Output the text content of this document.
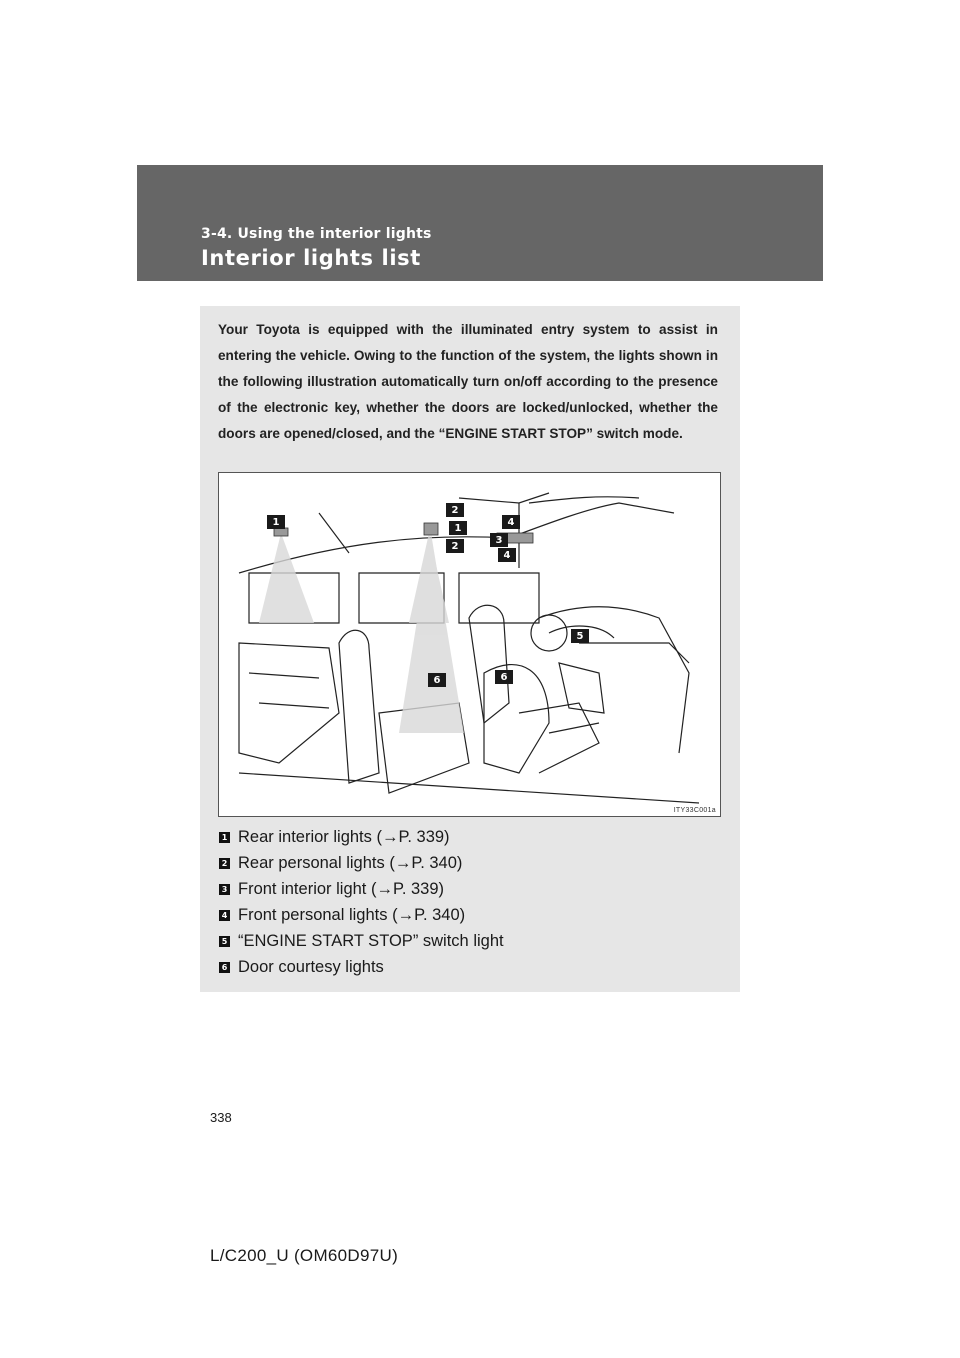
3-4. Using the interior lights
Interior lights list
Your Toyota is equipped with the illuminated entry system to assist in entering the vehicle. Owing to the function of the system, the lights shown in the following illustration automatically turn on/off according to the presence of the electronic key, whether the doors are locked/unlocked, whether the doors are opened/closed, and the “ENGINE START STOP” switch mode.
1
2
1
2
4
3
4
5
6	6
ITY33C001a
1 Rear interior lights (→P. 339)
2 Rear personal lights (→P. 340)
3 Front interior light (→P. 339)
4 Front personal lights (→P. 340)
5 “ENGINE START STOP” switch light
6 Door courtesy lights
338
L/C200_U (OM60D97U)
